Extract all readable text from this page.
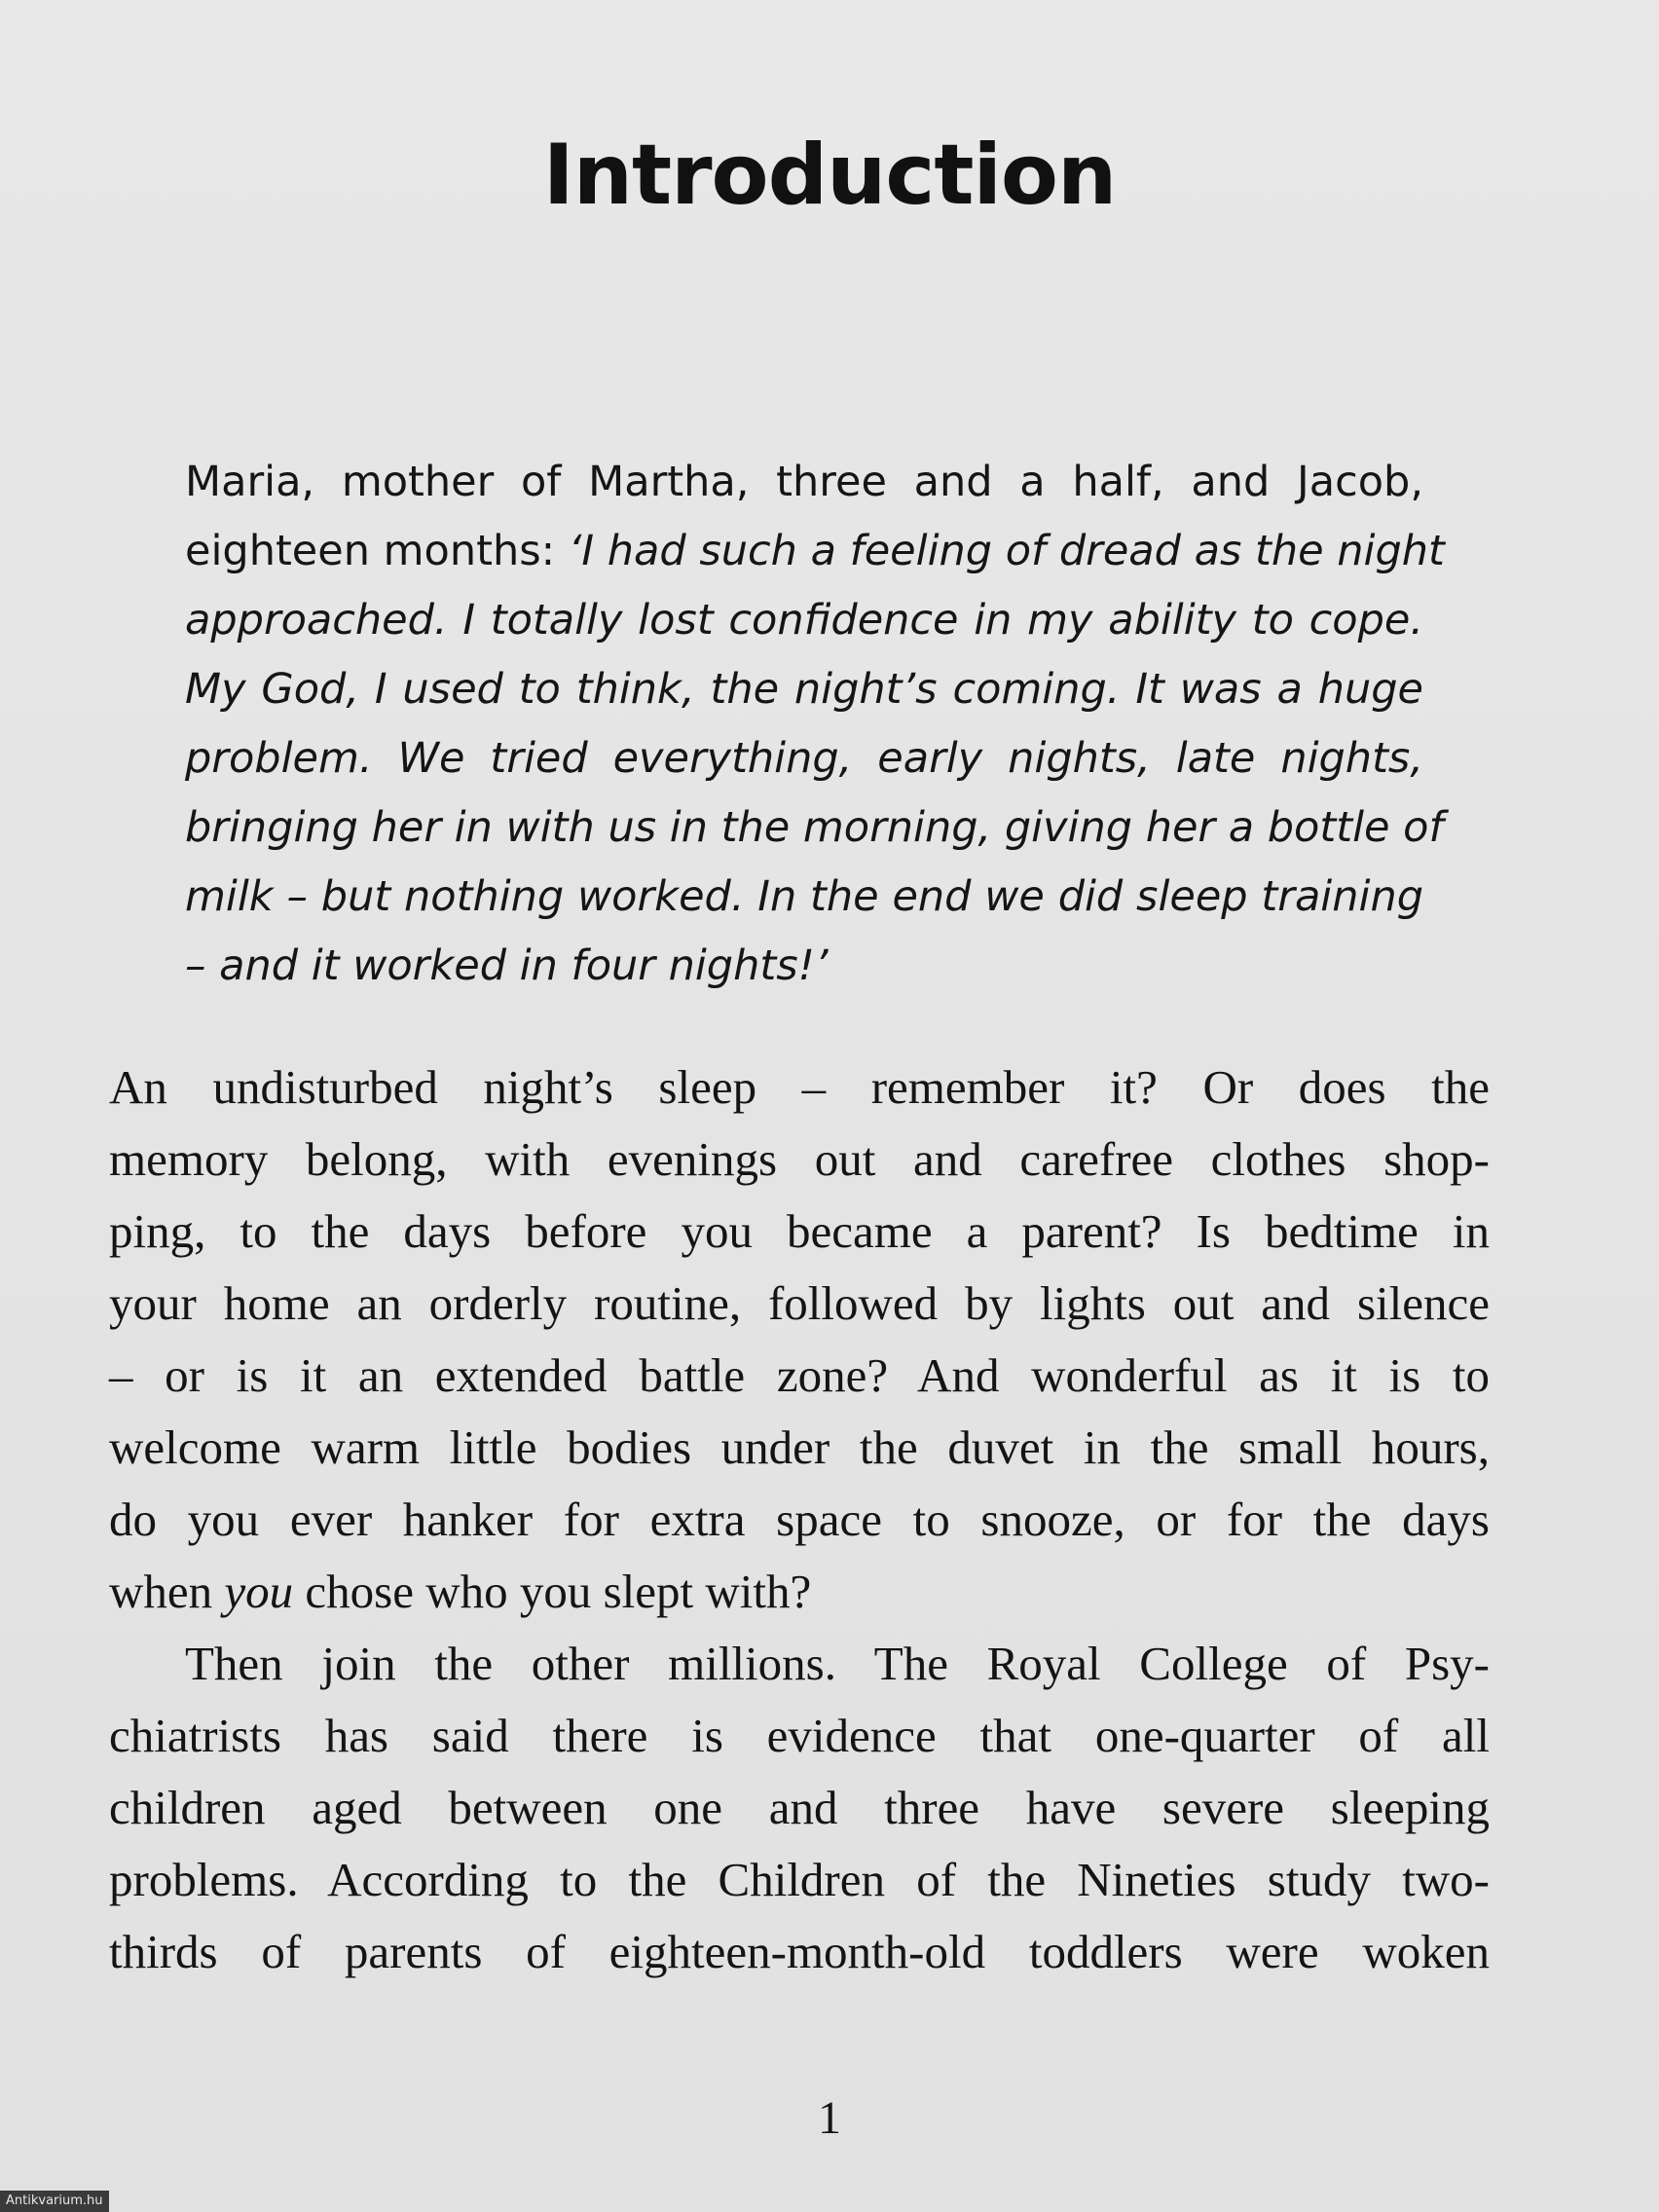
Introduction
Maria, mother of Martha, three and a half, and Jacob,
eighteen months: ‘I had such a feeling of dread as the night
approached. I totally lost confidence in my ability to cope.
My God, I used to think, the night’s coming. It was a huge
problem. We tried everything, early nights, late nights,
bringing her in with us in the morning, giving her a bottle of
milk – but nothing worked. In the end we did sleep training
– and it worked in four nights!’
An undisturbed night’s sleep – remember it? Or does the
memory belong, with evenings out and carefree clothes shop-
ping, to the days before you became a parent? Is bedtime in
your home an orderly routine, followed by lights out and silence
– or is it an extended battle zone? And wonderful as it is to
welcome warm little bodies under the duvet in the small hours,
do you ever hanker for extra space to snooze, or for the days
when you chose who you slept with?
Then join the other millions. The Royal College of Psy-
chiatrists has said there is evidence that one-quarter of all
children aged between one and three have severe sleeping
problems. According to the Children of the Nineties study two-
thirds of parents of eighteen-month-old toddlers were woken
1
Antikvarium.hu
